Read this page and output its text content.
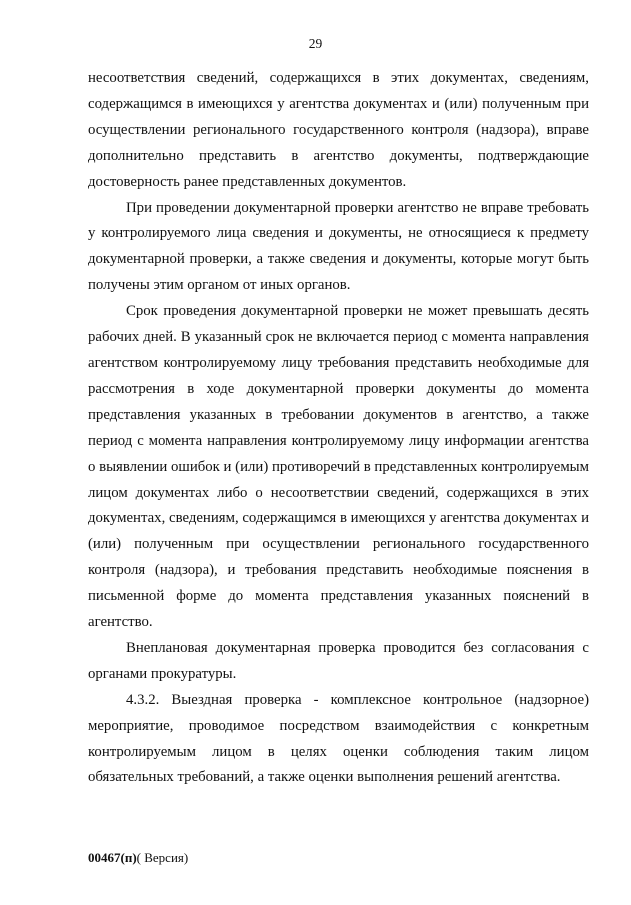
29

несоответствия сведений, содержащихся в этих документах, сведениям, содержащимся в имеющихся у агентства документах и (или) полученным при осуществлении регионального государственного контроля (надзора), вправе дополнительно представить в агентство документы, подтверждающие достоверность ранее представленных документов.

При проведении документарной проверки агентство не вправе требовать у контролируемого лица сведения и документы, не относящиеся к предмету документарной проверки, а также сведения и документы, которые могут быть получены этим органом от иных органов.

Срок проведения документарной проверки не может превышать десять рабочих дней. В указанный срок не включается период с момента направления агентством контролируемому лицу требования представить необходимые для рассмотрения в ходе документарной проверки документы до момента представления указанных в требовании документов в агентство, а также период с момента направления контролируемому лицу информации агентства о выявлении ошибок и (или) противоречий в представленных контролируемым лицом документах либо о несоответствии сведений, содержащихся в этих документах, сведениям, содержащимся в имеющихся у агентства документах и (или) полученным при осуществлении регионального государственного контроля (надзора), и требования представить необходимые пояснения в письменной форме до момента представления указанных пояснений в агентство.

Внеплановая документарная проверка проводится без согласования с органами прокуратуры.

4.3.2. Выездная проверка - комплексное контрольное (надзорное) мероприятие, проводимое посредством взаимодействия с конкретным контролируемым лицом в целях оценки соблюдения таким лицом обязательных требований, а также оценки выполнения решений агентства.

00467(п)( Версия)
